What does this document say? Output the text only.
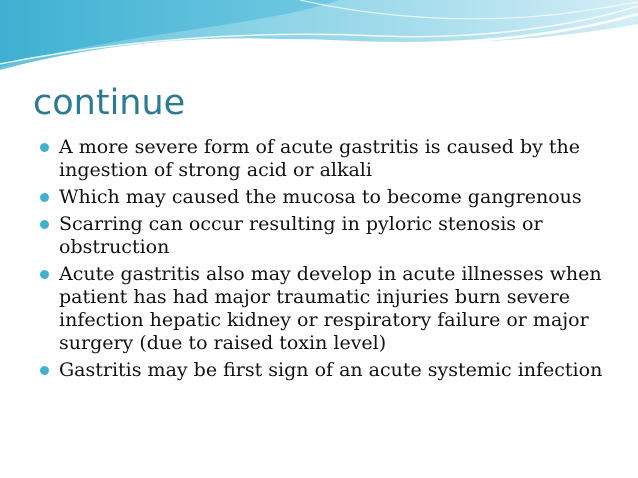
continue
A more severe form of acute gastritis is caused by the ingestion of strong acid or alkali
Which may caused the mucosa to become gangrenous
Scarring can occur resulting in pyloric stenosis or obstruction
Acute gastritis also may develop in acute illnesses when patient has had major traumatic injuries burn severe infection hepatic kidney or respiratory failure or major surgery (due to raised toxin level)
Gastritis may be first sign of an acute systemic infection
